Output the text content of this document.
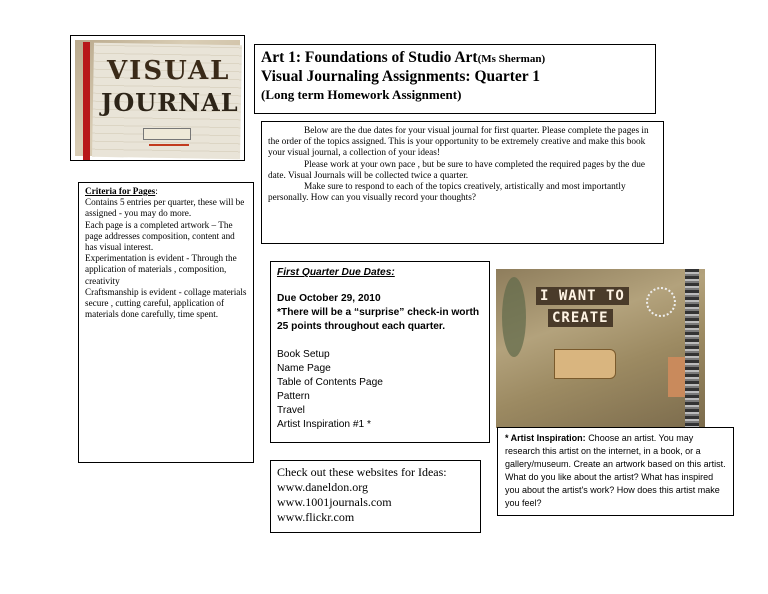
VISUAL
JOURNAL
Art 1: Foundations of Studio Art(Ms Sherman)
Visual Journaling Assignments: Quarter 1
(Long term Homework Assignment)

Below are the due dates for your visual journal for first quarter. Please complete the pages in the order of the topics assigned. This is your opportunity to be extremely creative and make this book your visual journal, a collection of your ideas!

Please work at your own pace , but be sure to have completed the required pages by the due date. Visual Journals will be collected twice a quarter.

Make sure to respond to each of the topics creatively, artistically and most importantly personally. How can you visually record your thoughts?

Criteria for Pages:

Contains 5 entries per quarter, these will be assigned - you may do more.

Each page is a completed artwork – The page addresses composition, content and has visual interest.

Experimentation is evident - Through the application of materials , composition, creativity

Craftsmanship is evident - collage materials secure , cutting careful, application of materials done carefully, time spent.

First Quarter Due Dates:
Due October 29, 2010
*There will be a “surprise” check-in worth 25 points throughout each quarter.
Book Setup
Name Page
Table of Contents Page
Pattern
Travel
Artist Inspiration #1 *

Check out these websites for Ideas:

www.daneldon.org

www.1001journals.com

www.flickr.com

I WANT TO
CREATE
* Artist Inspiration: Choose an artist. You may research this artist on the internet, in a book, or a gallery/museum. Create an artwork based on this artist. What do you like about the artist? What has inspired you about the artist's work? How does this artist make you feel?
